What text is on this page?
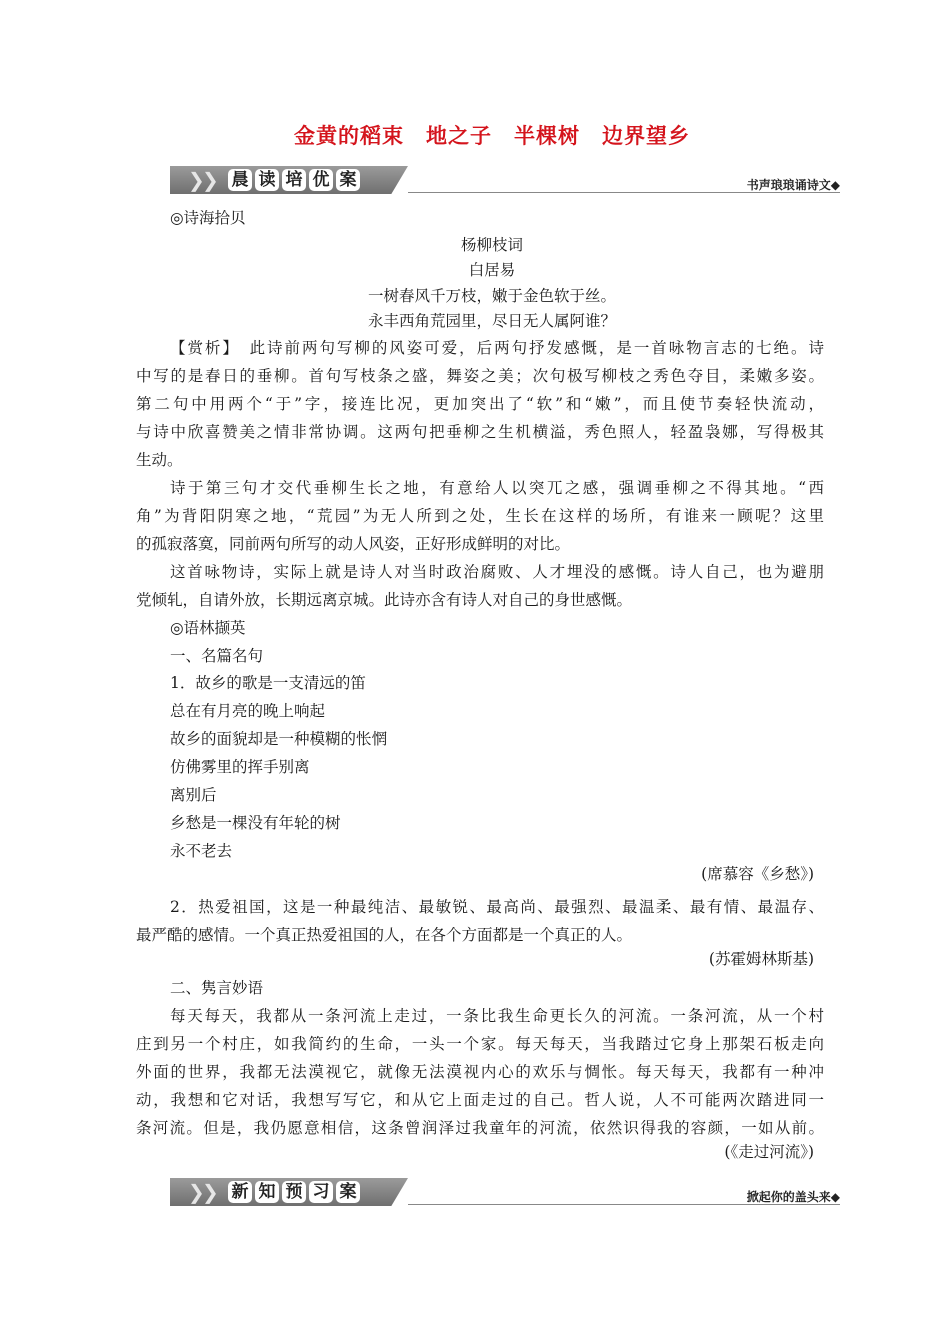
金黄的稻束　地之子　半棵树　边界望乡
❯
❯ 晨 读 培 优 案	书声琅琅诵诗文◆
◎诗海拾贝
杨柳枝词
白居易
一树春风千万枝，嫩于金色软于丝。
永丰西角荒园里，尽日无人属阿谁？
【赏析】　此诗前两句写柳的风姿可爱，后两句抒发感慨，是一首咏物言志的七绝。诗
中写的是春日的垂柳。首句写枝条之盛，舞姿之美；次句极写柳枝之秀色夺目，柔嫩多姿。
第二句中用两个“于”字，接连比况，更加突出了“软”和“嫩”，而且使节奏轻快流动，
与诗中欣喜赞美之情非常协调。这两句把垂柳之生机横溢，秀色照人，轻盈袅娜，写得极其
生动。
诗于第三句才交代垂柳生长之地，有意给人以突兀之感，强调垂柳之不得其地。“西
角”为背阳阴寒之地，“荒园”为无人所到之处，生长在这样的场所，有谁来一顾呢？这里
的孤寂落寞，同前两句所写的动人风姿，正好形成鲜明的对比。
这首咏物诗，实际上就是诗人对当时政治腐败、人才埋没的感慨。诗人自己，也为避朋
党倾轧，自请外放，长期远离京城。此诗亦含有诗人对自己的身世感慨。
◎语林撷英
一、名篇名句
1．故乡的歌是一支清远的笛
总在有月亮的晚上响起
故乡的面貌却是一种模糊的怅惘
仿佛雾里的挥手别离
离别后
乡愁是一棵没有年轮的树
永不老去
(席慕容《乡愁》)
2．热爱祖国，这是一种最纯洁、最敏锐、最高尚、最强烈、最温柔、最有情、最温存、
最严酷的感情。一个真正热爱祖国的人，在各个方面都是一个真正的人。
(苏霍姆林斯基)
二、隽言妙语
每天每天，我都从一条河流上走过，一条比我生命更长久的河流。一条河流，从一个村
庄到另一个村庄，如我简约的生命，一头一个家。每天每天，当我踏过它身上那架石板走向
外面的世界，我都无法漠视它，就像无法漠视内心的欢乐与惆怅。每天每天，我都有一种冲
动，我想和它对话，我想写写它，和从它上面走过的自己。哲人说，人不可能两次踏进同一
条河流。但是，我仍愿意相信，这条曾润泽过我童年的河流，依然识得我的容颜，一如从前。
(《走过河流》)
❯
❯ 新 知 预 习 案	掀起你的盖头来◆
